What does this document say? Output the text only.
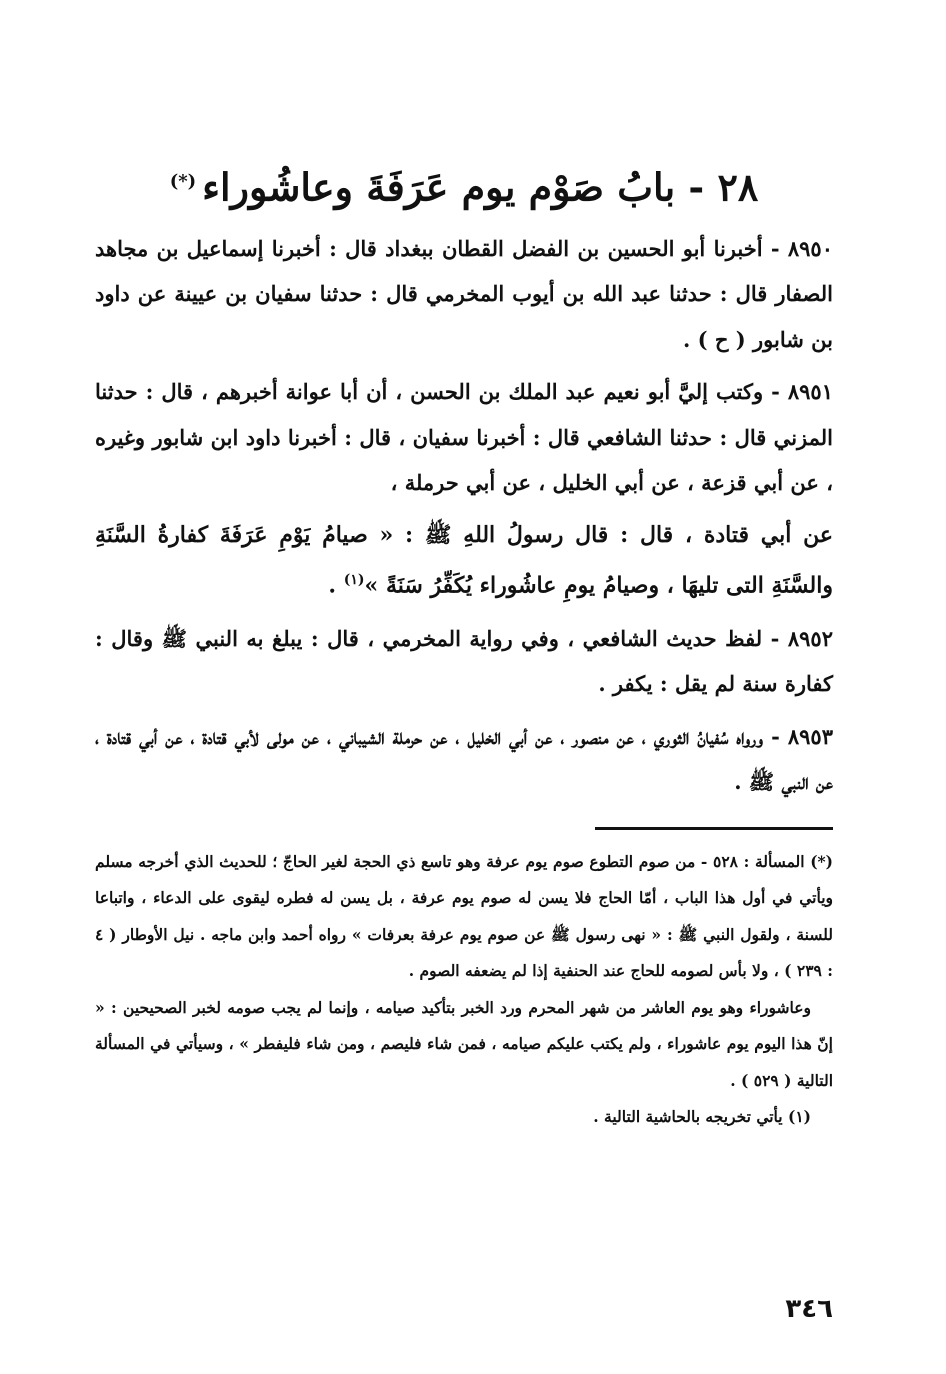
٢٨ - بابُ صَوْم يوم عَرَفَةَ وعاشُوراء(*)

٨٩٥٠ - أخبرنا أبو الحسين بن الفضل القطان ببغداد قال : أخبرنا إسماعيل بن مجاهد الصفار قال : حدثنا عبد الله بن أيوب المخرمي قال : حدثنا سفيان بن عيينة عن داود بن شابور ( ح ) .

٨٩٥١ - وكتب إليَّ أبو نعيم عبد الملك بن الحسن ، أن أبا عوانة أخبرهم ، قال : حدثنا المزني قال : حدثنا الشافعي قال : أخبرنا سفيان ، قال : أخبرنا داود ابن شابور وغيره ، عن أبي قزعة ، عن أبي الخليل ، عن أبي حرملة ،

عن أبي قتادة ، قال : قال رسولُ اللهِ ﷺ : « صيامُ يَوْمِ عَرَفَةَ كفارةُ السَّنَةِ والسَّنَةِ التى تليهَا ، وصيامُ يومِ عاشُوراء يُكَفِّرُ سَنَةً »$^{(١)}$ .

٨٩٥٢ - لفظ حديث الشافعي ، وفي رواية المخرمي ، قال : يبلغ به النبي ﷺ وقال : كفارة سنة لم يقل : يكفر .

٨٩٥٣ - ورواه سُفيانُ الثوري ، عن منصور ، عن أبي الخليل ، عن حرملة الشيباني ، عن مولى لأبي قتادة ، عن أبي قتادة ، عن النبي ﷺ .

(*) المسألة : ٥٢٨ - من صوم التطوع صوم يوم عرفة وهو تاسع ذي الحجة لغير الحاجّ ؛ للحديث الذي أخرجه مسلم ويأتي في أول هذا الباب ، أمّا الحاج فلا يسن له صوم يوم عرفة ، بل يسن له فطره ليقوى على الدعاء ، واتباعا للسنة ، ولقول النبي ﷺ : « نهى رسول ﷺ عن صوم يوم عرفة بعرفات » رواه أحمد وابن ماجه . نيل الأوطار ( ٤ : ٢٣٩ ) ، ولا بأس لصومه للحاج عند الحنفية إذا لم يضعفه الصوم .

وعاشوراء وهو يوم العاشر من شهر المحرم ورد الخبر بتأكيد صيامه ، وإنما لم يجب صومه لخبر الصحيحين : « إنّ هذا اليوم يوم عاشوراء ، ولم يكتب عليكم صيامه ، فمن شاء فليصم ، ومن شاء فليفطر » ، وسيأتي في المسألة التالية ( ٥٢٩ ) .

(١) يأتي تخريجه بالحاشية التالية .

٣٤٦
